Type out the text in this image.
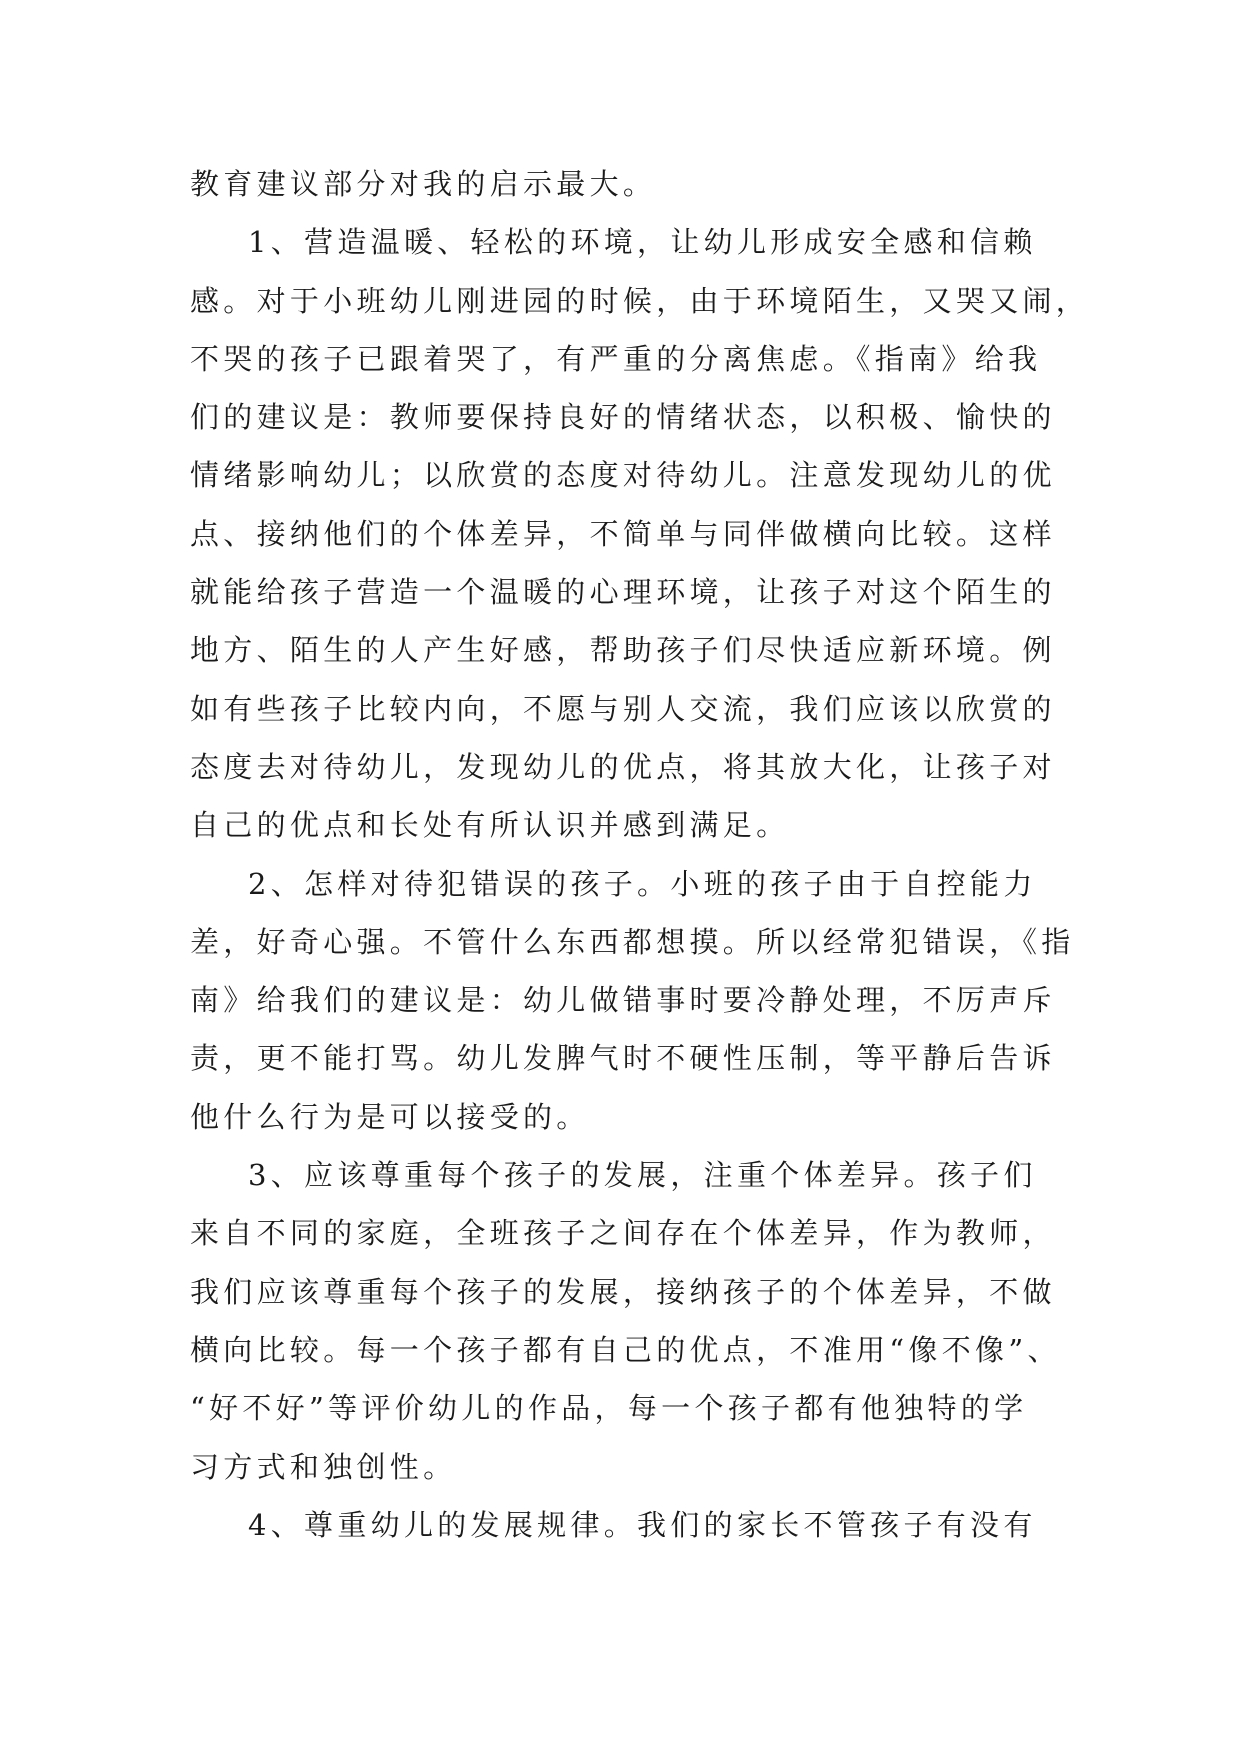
教育建议部分对我的启示最大。
1、营造温暖、轻松的环境，让幼儿形成安全感和信赖
感。对于小班幼儿刚进园的时候，由于环境陌生，又哭又闹，
不哭的孩子已跟着哭了，有严重的分离焦虑。《指南》给我
们的建议是：教师要保持良好的情绪状态，以积极、愉快的
情绪影响幼儿；以欣赏的态度对待幼儿。注意发现幼儿的优
点、接纳他们的个体差异，不简单与同伴做横向比较。这样
就能给孩子营造一个温暖的心理环境，让孩子对这个陌生的
地方、陌生的人产生好感，帮助孩子们尽快适应新环境。例
如有些孩子比较内向，不愿与别人交流，我们应该以欣赏的
态度去对待幼儿，发现幼儿的优点，将其放大化，让孩子对
自己的优点和长处有所认识并感到满足。
2、怎样对待犯错误的孩子。小班的孩子由于自控能力
差，好奇心强。不管什么东西都想摸。所以经常犯错误，《指
南》给我们的建议是：幼儿做错事时要冷静处理，不厉声斥
责，更不能打骂。幼儿发脾气时不硬性压制，等平静后告诉
他什么行为是可以接受的。
3、应该尊重每个孩子的发展，注重个体差异。孩子们
来自不同的家庭，全班孩子之间存在个体差异，作为教师，
我们应该尊重每个孩子的发展，接纳孩子的个体差异，不做
横向比较。每一个孩子都有自己的优点，不准用“像不像”、
“好不好”等评价幼儿的作品，每一个孩子都有他独特的学
习方式和独创性。
4、尊重幼儿的发展规律。我们的家长不管孩子有没有
